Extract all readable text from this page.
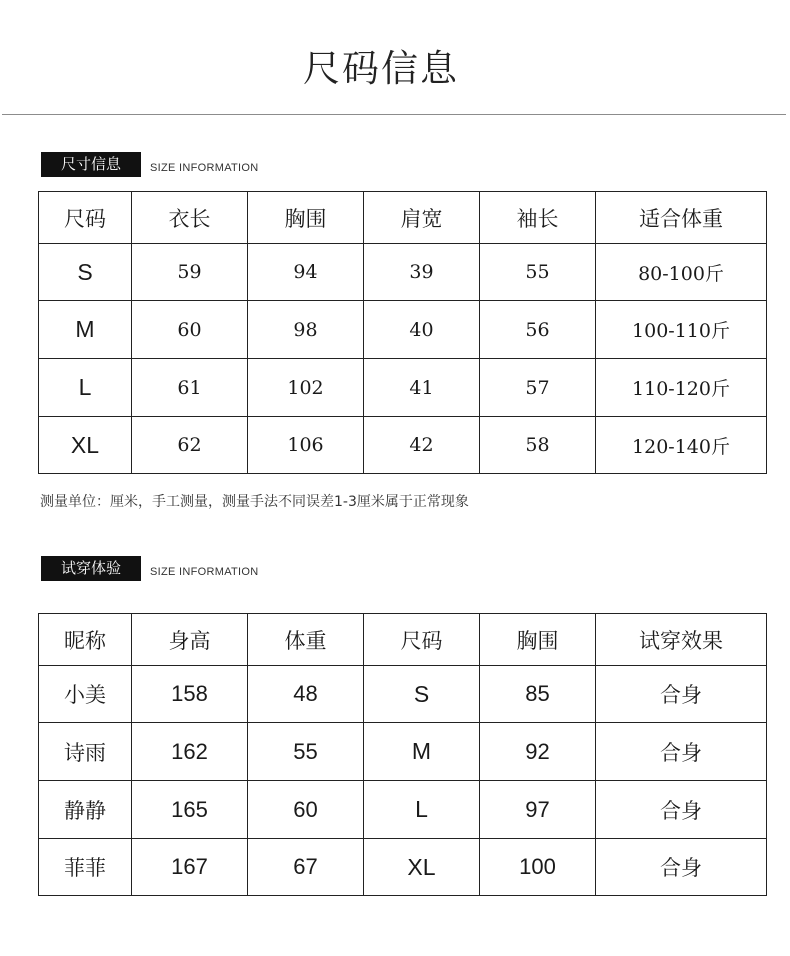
尺码信息
尺寸信息	SIZE INFORMATION
尺码	衣长	胸围	肩宽	袖长	适合体重
S	59	94	39	55	80-100斤
M	60	98	40	56	100-110斤
L	61	102	41	57	110-120斤
XL	62	106	42	58	120-140斤
测量单位：厘米，手工测量，测量手法不同误差1-3厘米属于正常现象
试穿体验	SIZE INFORMATION
昵称	身高	体重	尺码	胸围	试穿效果
小美	158	48	S	85	合身
诗雨	162	55	M	92	合身
静静	165	60	L	97	合身
菲菲	167	67	XL	100	合身
